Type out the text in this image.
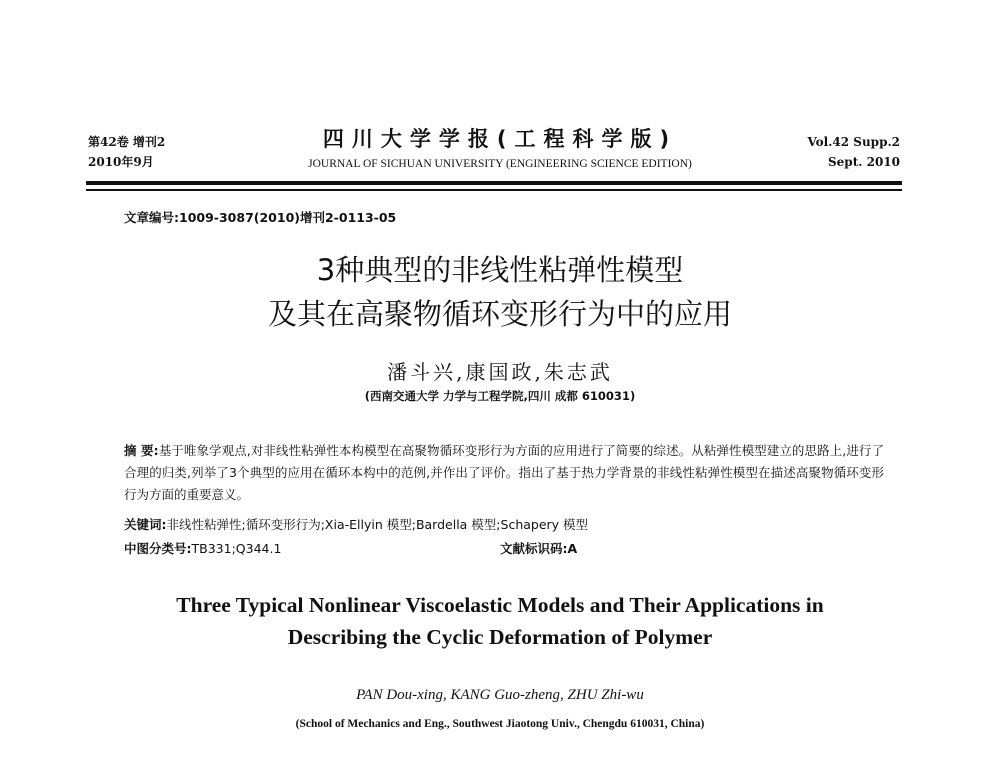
第42卷 增刊2
2010年9月
四川大学学报(工程科学版)
JOURNAL OF SICHUAN UNIVERSITY (ENGINEERING SCIENCE EDITION)
Vol.42 Supp.2
Sept. 2010
文章编号:1009-3087(2010)增刊2-0113-05
3种典型的非线性粘弹性模型
及其在高聚物循环变形行为中的应用
潘斗兴,康国政,朱志武
(西南交通大学 力学与工程学院,四川 成都 610031)
摘 要:基于唯象学观点,对非线性粘弹性本构模型在高聚物循环变形行为方面的应用进行了简要的综述。从粘弹性模型建立的思路上,进行了合理的归类,列举了3个典型的应用在循环本构中的范例,并作出了评价。指出了基于热力学背景的非线性粘弹性模型在描述高聚物循环变形行为方面的重要意义。
关键词:非线性粘弹性;循环变形行为;Xia-Ellyin 模型;Bardella 模型;Schapery 模型
中图分类号:TB331;Q344.1	文献标识码:A
Three Typical Nonlinear Viscoelastic Models and Their Applications in
Describing the Cyclic Deformation of Polymer
PAN Dou-xing, KANG Guo-zheng, ZHU Zhi-wu
(School of Mechanics and Eng., Southwest Jiaotong Univ., Chengdu 610031, China)
